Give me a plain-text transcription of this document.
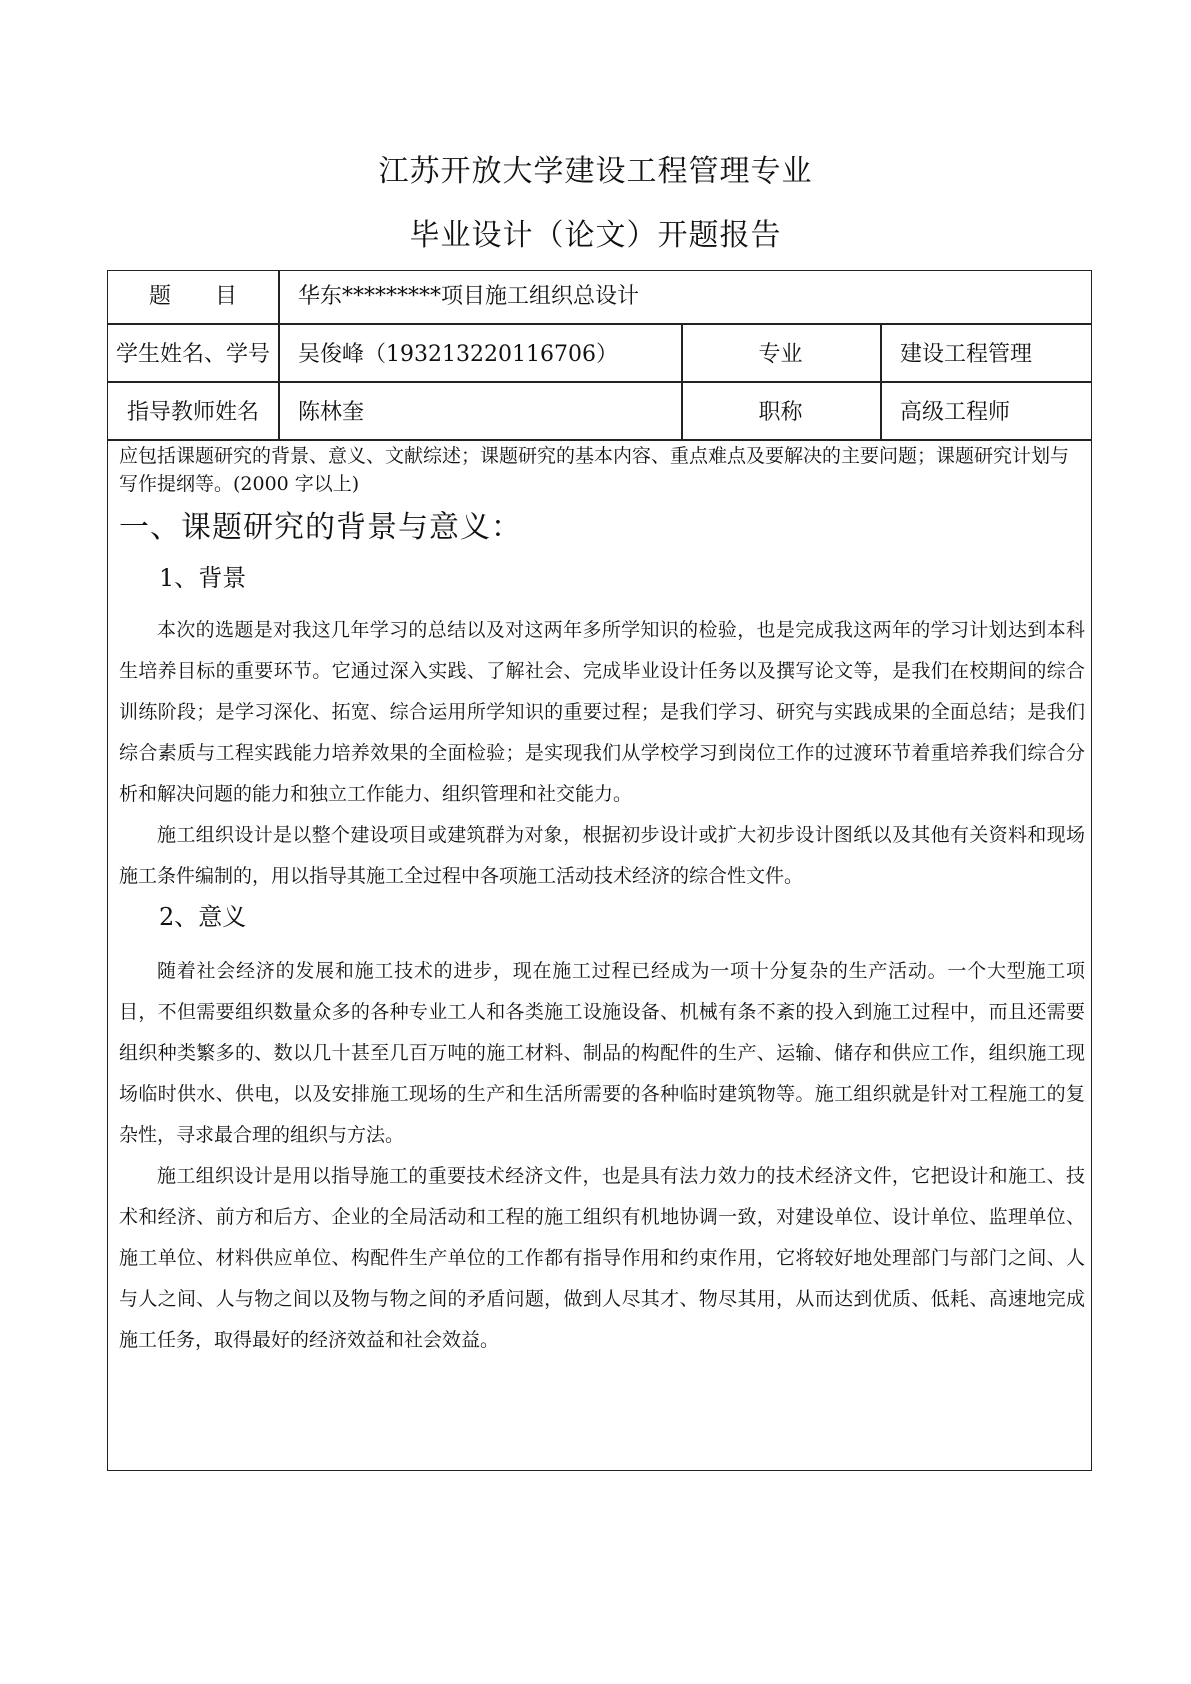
江苏开放大学建设工程管理专业
毕业设计（论文）开题报告
题　　目	华东*********项目施工组织总设计
学生姓名、学号	吴俊峰（193213220116706）	专业	建设工程管理
指导教师姓名	陈林奎	职称	高级工程师

应包括课题研究的背景、意义、文献综述；课题研究的基本内容、重点难点及要解决的主要问题；课题研究计划与写作提纲等。(2000 字以上)

一、课题研究的背景与意义：
1、背景

本次的选题是对我这几年学习的总结以及对这两年多所学知识的检验，也是完成我这两年的学习计划达到本科生培养目标的重要环节。它通过深入实践、了解社会、完成毕业设计任务以及撰写论文等，是我们在校期间的综合训练阶段；是学习深化、拓宽、综合运用所学知识的重要过程；是我们学习、研究与实践成果的全面总结；是我们综合素质与工程实践能力培养效果的全面检验；是实现我们从学校学习到岗位工作的过渡环节着重培养我们综合分析和解决问题的能力和独立工作能力、组织管理和社交能力。

施工组织设计是以整个建设项目或建筑群为对象，根据初步设计或扩大初步设计图纸以及其他有关资料和现场施工条件编制的，用以指导其施工全过程中各项施工活动技术经济的综合性文件。

2、意义

随着社会经济的发展和施工技术的进步，现在施工过程已经成为一项十分复杂的生产活动。一个大型施工项目，不但需要组织数量众多的各种专业工人和各类施工设施设备、机械有条不紊的投入到施工过程中，而且还需要组织种类繁多的、数以几十甚至几百万吨的施工材料、制品的构配件的生产、运输、储存和供应工作，组织施工现场临时供水、供电，以及安排施工现场的生产和生活所需要的各种临时建筑物等。施工组织就是针对工程施工的复杂性，寻求最合理的组织与方法。

施工组织设计是用以指导施工的重要技术经济文件，也是具有法力效力的技术经济文件，它把设计和施工、技术和经济、前方和后方、企业的全局活动和工程的施工组织有机地协调一致，对建设单位、设计单位、监理单位、施工单位、材料供应单位、构配件生产单位的工作都有指导作用和约束作用，它将较好地处理部门与部门之间、人与人之间、人与物之间以及物与物之间的矛盾问题，做到人尽其才、物尽其用，从而达到优质、低耗、高速地完成施工任务，取得最好的经济效益和社会效益。
